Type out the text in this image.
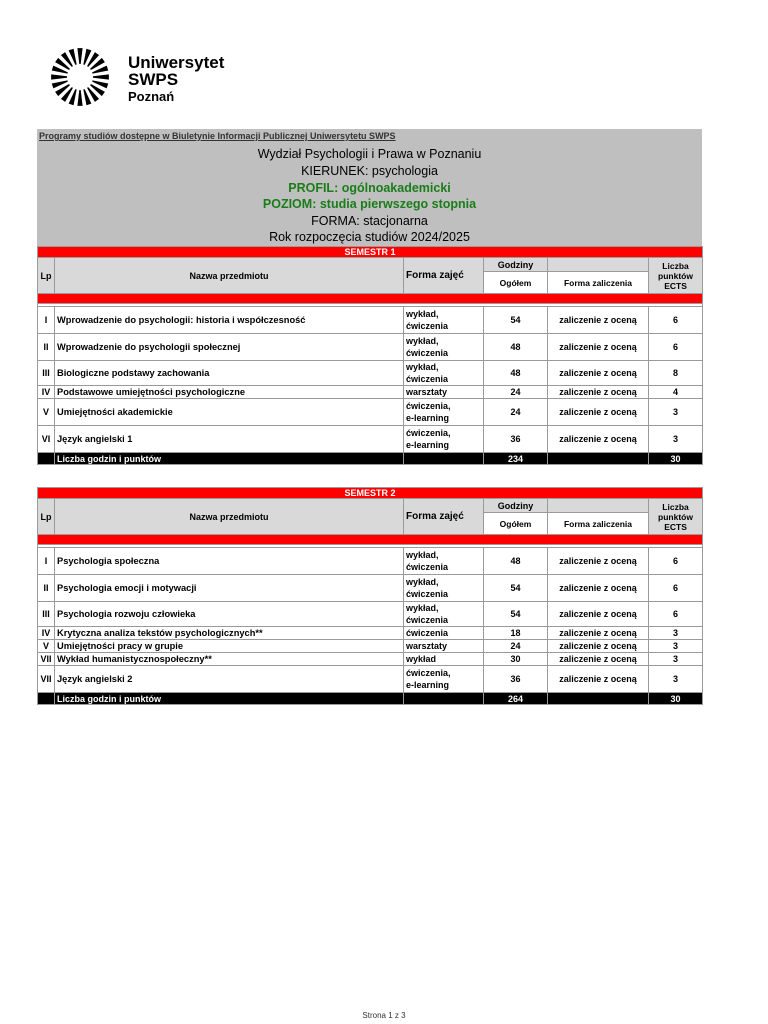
Uniwersytet
SWPS
Poznań
Programy studiów dostępne w Biuletynie Informacji Publicznej Uniwersytetu SWPS
Wydział Psychologii i Prawa w Poznaniu
KIERUNEK: psychologia
PROFIL: ogólnoakademicki
POZIOM: studia pierwszego stopnia
FORMA: stacjonarna
Rok rozpoczęcia studiów 2024/2025
SEMESTR 1					
Lp	Nazwa przedmiotu	Forma zajęć	Godziny		Liczba punktów ECTS
			Ogółem	Forma zaliczenia	

I	Wprowadzenie do psychologii: historia i współczesność	wykład,
ćwiczenia	54	zaliczenie z oceną	6
II	Wprowadzenie do psychologii społecznej	wykład,
ćwiczenia	48	zaliczenie z oceną	6
III	Biologiczne podstawy zachowania	wykład,
ćwiczenia	48	zaliczenie z oceną	8
IV	Podstawowe umiejętności psychologiczne	warsztaty	24	zaliczenie z oceną	4
V	Umiejętności akademickie	ćwiczenia,
e-learning	24	zaliczenie z oceną	3
VI	Język angielski 1	ćwiczenia,
e-learning	36	zaliczenie z oceną	3
	Liczba godzin i punktów		234		30
SEMESTR 2					
Lp	Nazwa przedmiotu	Forma zajęć	Godziny		Liczba punktów ECTS
			Ogółem	Forma zaliczenia	

I	Psychologia społeczna	wykład,
ćwiczenia	48	zaliczenie z oceną	6
II	Psychologia emocji i motywacji	wykład,
ćwiczenia	54	zaliczenie z oceną	6
III	Psychologia rozwoju człowieka	wykład,
ćwiczenia	54	zaliczenie z oceną	6
IV	Krytyczna analiza tekstów psychologicznych**	ćwiczenia	18	zaliczenie z oceną	3
V	Umiejętności pracy w grupie	warsztaty	24	zaliczenie z oceną	3
VII	Wykład humanistycznospołeczny**	wykład	30	zaliczenie z oceną	3
VII	Język angielski 2	ćwiczenia,
e-learning	36	zaliczenie z oceną	3
	Liczba godzin i punktów		264		30
Strona 1 z 3
